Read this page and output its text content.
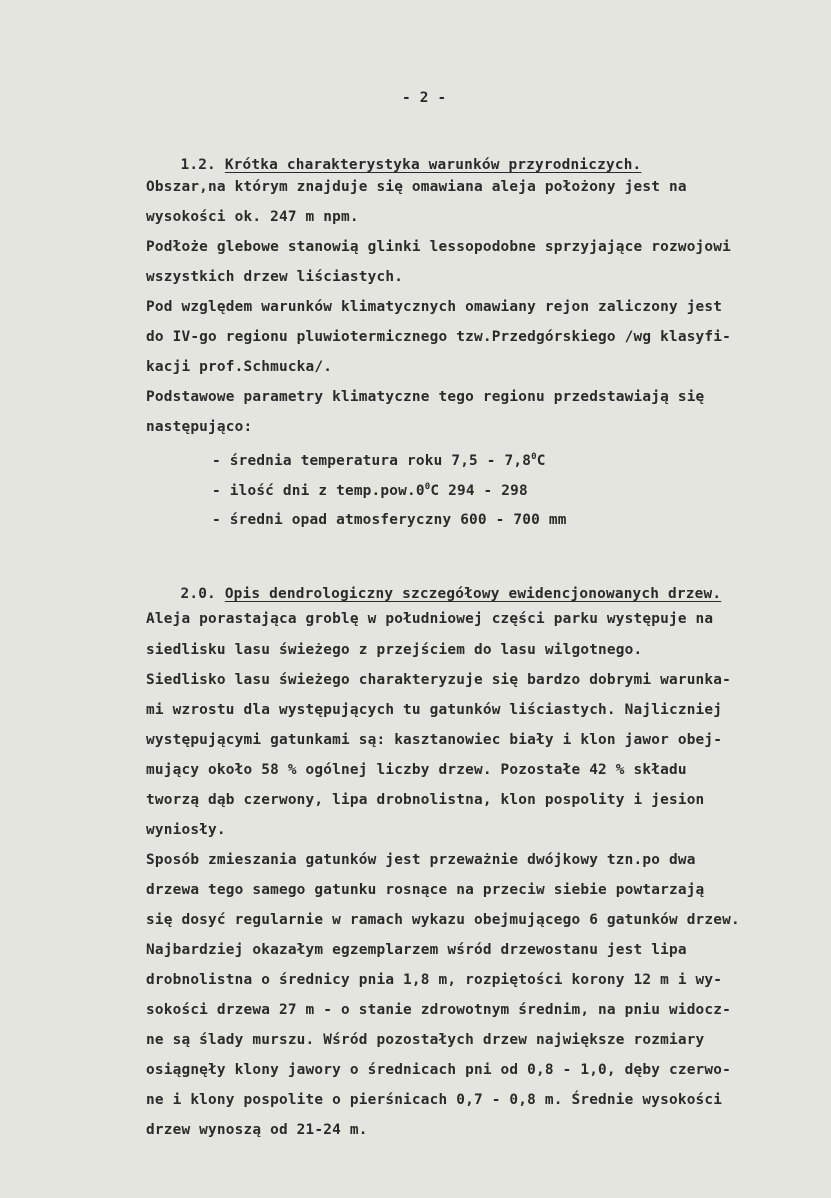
- 2 -

1.2. Krótka charakterystyka warunków przyrodniczych.

Obszar,na którym znajduje się omawiana aleja położony jest na
wysokości ok. 247 m npm.
Podłoże glebowe stanowią glinki lessopodobne sprzyjające rozwojowi
wszystkich drzew liściastych.
Pod względem warunków klimatycznych omawiany rejon zaliczony jest
do IV-go regionu pluwiotermicznego tzw.Przedgórskiego /wg klasyfi-
kacji prof.Schmucka/.
Podstawowe parametry klimatyczne tego regionu przedstawiają się
następująco:
- średnia temperatura roku $7,5 - 7,8^0C$
- ilość dni z $temp.pow.0^0C$ 294 - 298
- średni opad atmosferyczny 600 - 700 mm

2.0. Opis dendrologiczny szczegółowy ewidencjonowanych drzew.

Aleja porastająca groblę w południowej części parku występuje na
siedlisku lasu świeżego z przejściem do lasu wilgotnego.
Siedlisko lasu świeżego charakteryzuje się bardzo dobrymi warunka-
mi wzrostu dla występujących tu gatunków liściastych. Najliczniej
występującymi gatunkami są: kasztanowiec biały i klon jawor obej-
mujący około 58 % ogólnej liczby drzew. Pozostałe 42 % składu
tworzą dąb czerwony, lipa drobnolistna, klon pospolity i jesion
wyniosły.
Sposób zmieszania gatunków jest przeważnie dwójkowy tzn.po dwa
drzewa tego samego gatunku rosnące na przeciw siebie powtarzają
się dosyć regularnie w ramach wykazu obejmującego 6 gatunków drzew.
Najbardziej okazałym egzemplarzem wśród drzewostanu jest lipa
drobnolistna o średnicy pnia 1,8 m, rozpiętości korony 12 m i wy-
sokości drzewa 27 m - o stanie zdrowotnym średnim, na pniu widocz-
ne są ślady murszu. Wśród pozostałych drzew największe rozmiary
osiągnęły klony jawory o średnicach pni od 0,8 - 1,0, dęby czerwo-
ne i klony pospolite o pierśnicach 0,7 - 0,8 m. Średnie wysokości
drzew wynoszą od 21-24 m.
